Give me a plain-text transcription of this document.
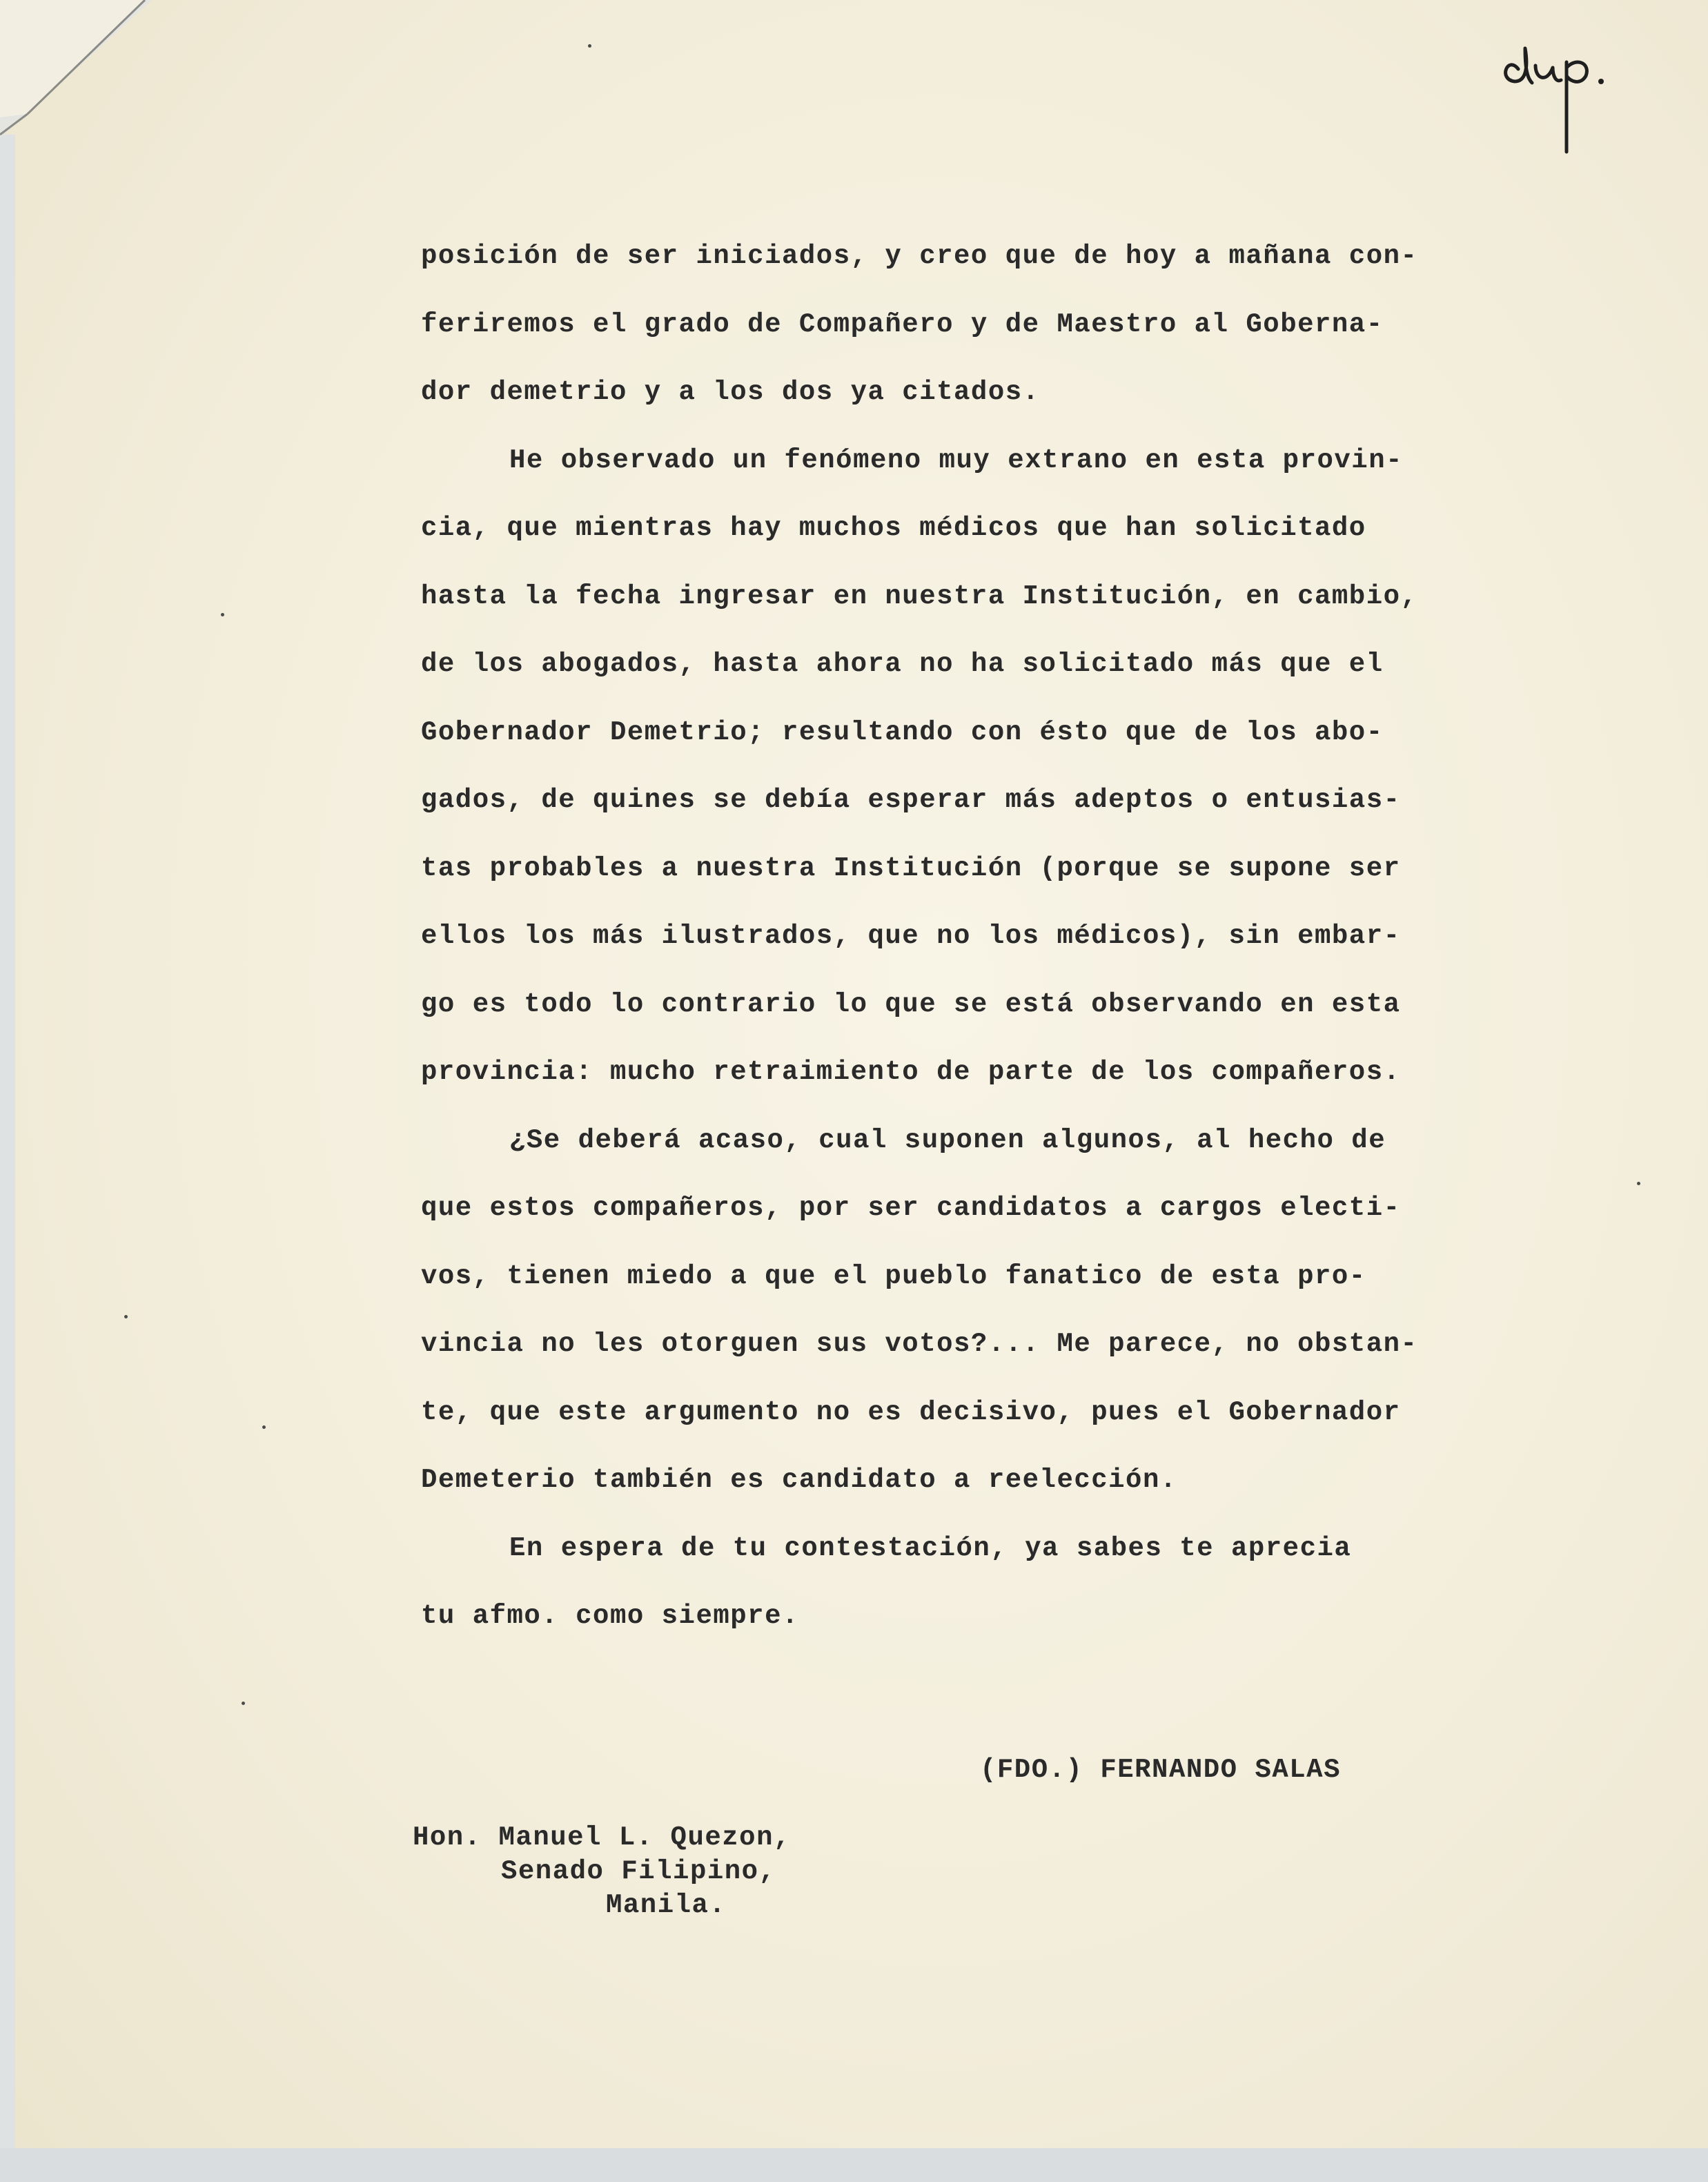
posición de ser iniciados, y creo que de hoy a mañana con-
feriremos el grado de Compañero y de Maestro al Goberna-
dor demetrio y a los dos ya citados.
He observado un fenómeno muy extrano en esta provin-
cia, que mientras hay muchos médicos que han solicitado
hasta la fecha ingresar en nuestra Institución, en cambio,
de los abogados, hasta ahora no ha solicitado más que el
Gobernador Demetrio; resultando con ésto que de los abo-
gados, de quines se debía esperar más adeptos o entusias-
tas probables a nuestra Institución (porque se supone ser
ellos los más ilustrados, que no los médicos), sin embar-
go es todo lo contrario lo que se está observando en esta
provincia: mucho retraimiento de parte de los compañeros.
¿Se deberá acaso, cual suponen algunos, al hecho de
que estos compañeros, por ser candidatos a cargos electi-
vos, tienen miedo a que el pueblo fanatico de esta pro-
vincia no les otorguen sus votos?... Me parece, no obstan-
te, que este argumento no es decisivo, pues el Gobernador
Demeterio también es candidato a reelección.
En espera de tu contestación, ya sabes te aprecia
tu afmo. como siempre.
(FDO.) FERNANDO SALAS
Hon. Manuel L. Quezon,
Senado Filipino,
Manila.
